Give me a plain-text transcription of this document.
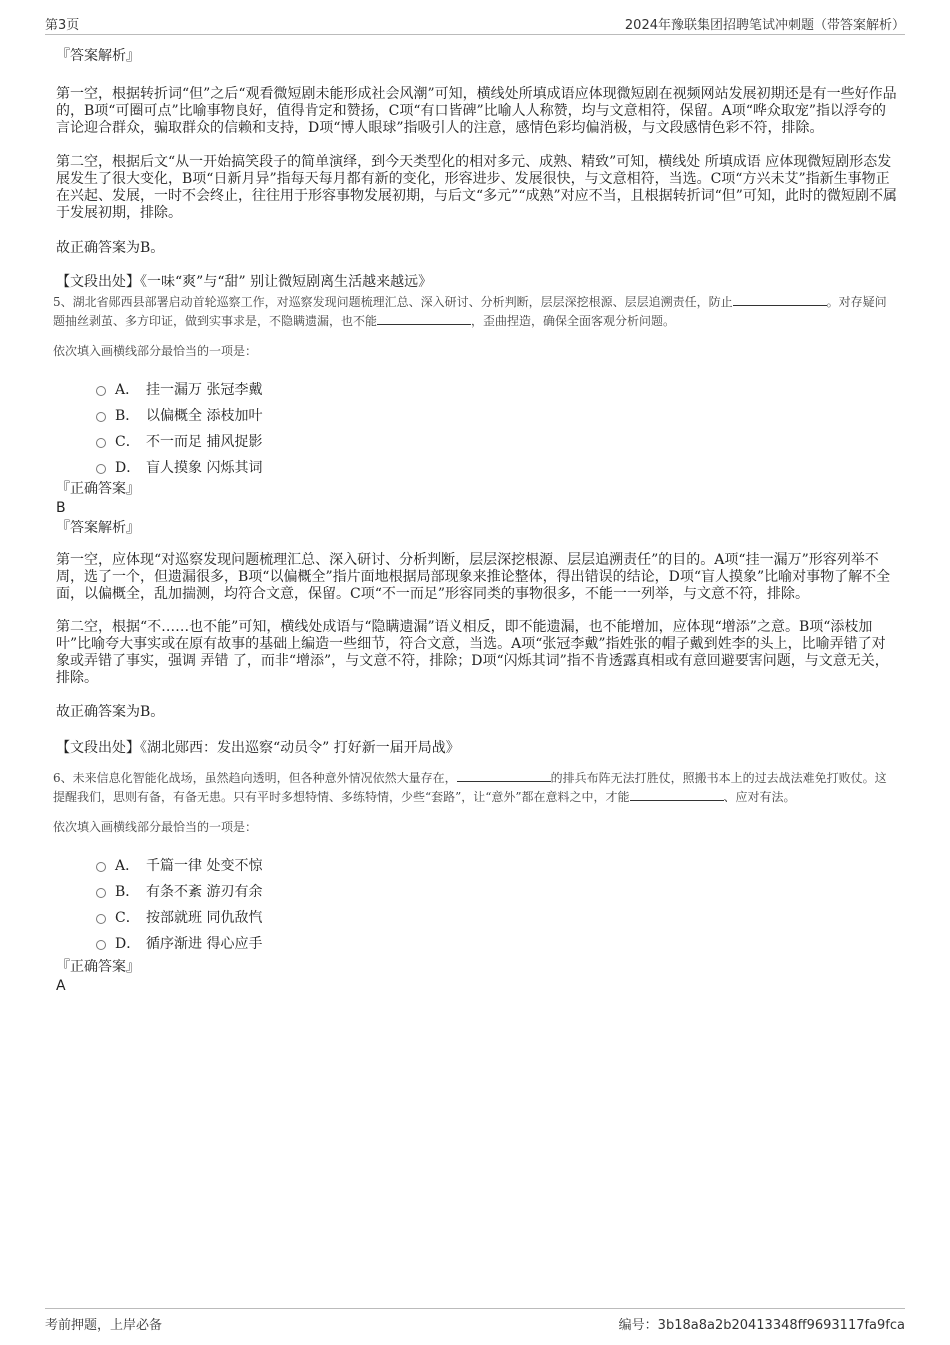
第3页	2024年豫联集团招聘笔试冲刺题（带答案解析）

『答案解析』

第一空，根据转折词“但”之后“观看微短剧未能形成社会风潮”可知，横线处所填成语应体现微短剧在视频网站发展初期还是有一些好作品的，B项“可圈可点”比喻事物良好，值得肯定和赞扬，C项“有口皆碑”比喻人人称赞，均与文意相符，保留。A项“哗众取宠”指以浮夸的言论迎合群众，骗取群众的信赖和支持，D项“博人眼球”指吸引人的注意，感情色彩均偏消极，与文段感情色彩不符，排除。

第二空，根据后文“从一开始搞笑段子的简单演绎，到今天类型化的相对多元、成熟、精致”可知，横线处 所填成语 应体现微短剧形态发展发生了很大变化，B项“日新月异”指每天每月都有新的变化，形容进步、发展很快，与文意相符，当选。C项“方兴未艾”指新生事物正在兴起、发展，一时不会终止，往往用于形容事物发展初期，与后文“多元”“成熟”对应不当，且根据转折词“但”可知，此时的微短剧不属于发展初期，排除。

故正确答案为B。

【文段出处】《一味“爽”与“甜” 别让微短剧离生活越来越远》

5、湖北省郧西县部署启动首轮巡察工作，对巡察发现问题梳理汇总、深入研讨、分析判断，层层深挖根源、层层追溯责任，防止	。对存疑问题抽丝剥茧、多方印证，做到实事求是，不隐瞒遗漏，也不能	，歪曲捏造，确保全面客观分析问题。

依次填入画横线部分最恰当的一项是：

A． 挂一漏万 张冠李戴
B． 以偏概全 添枝加叶
C． 不一而足 捕风捉影
D． 盲人摸象 闪烁其词

『正确答案』

B

『答案解析』

第一空，应体现“对巡察发现问题梳理汇总、深入研讨、分析判断，层层深挖根源、层层追溯责任”的目的。A项“挂一漏万”形容列举不周，选了一个，但遗漏很多，B项“以偏概全”指片面地根据局部现象来推论整体，得出错误的结论，D项“盲人摸象”比喻对事物了解不全面，以偏概全，乱加揣测，均符合文意，保留。C项“不一而足”形容同类的事物很多，不能一一列举，与文意不符，排除。

第二空，根据“不……也不能”可知，横线处成语与“隐瞒遗漏”语义相反，即不能遗漏，也不能增加，应体现“增添”之意。B项“添枝加叶”比喻夸大事实或在原有故事的基础上编造一些细节，符合文意，当选。A项“张冠李戴”指姓张的帽子戴到姓李的头上，比喻弄错了对象或弄错了事实，强调 弄错 了，而非“增添”，与文意不符，排除；D项“闪烁其词”指不肯透露真相或有意回避要害问题，与文意无关，排除。

故正确答案为B。

【文段出处】《湖北郧西：发出巡察“动员令” 打好新一届开局战》

6、未来信息化智能化战场，虽然趋向透明，但各种意外情况依然大量存在，	的排兵布阵无法打胜仗，照搬书本上的过去战法难免打败仗。这提醒我们，思则有备，有备无患。只有平时多想特情、多练特情，少些“套路”，让“意外”都在意料之中，才能	、应对有法。

依次填入画横线部分最恰当的一项是：

A． 千篇一律 处变不惊
B． 有条不紊 游刃有余
C． 按部就班 同仇敌忾
D． 循序渐进 得心应手

『正确答案』

A

考前押题，上岸必备	编号：3b18a8a2b20413348ff9693117fa9fca
